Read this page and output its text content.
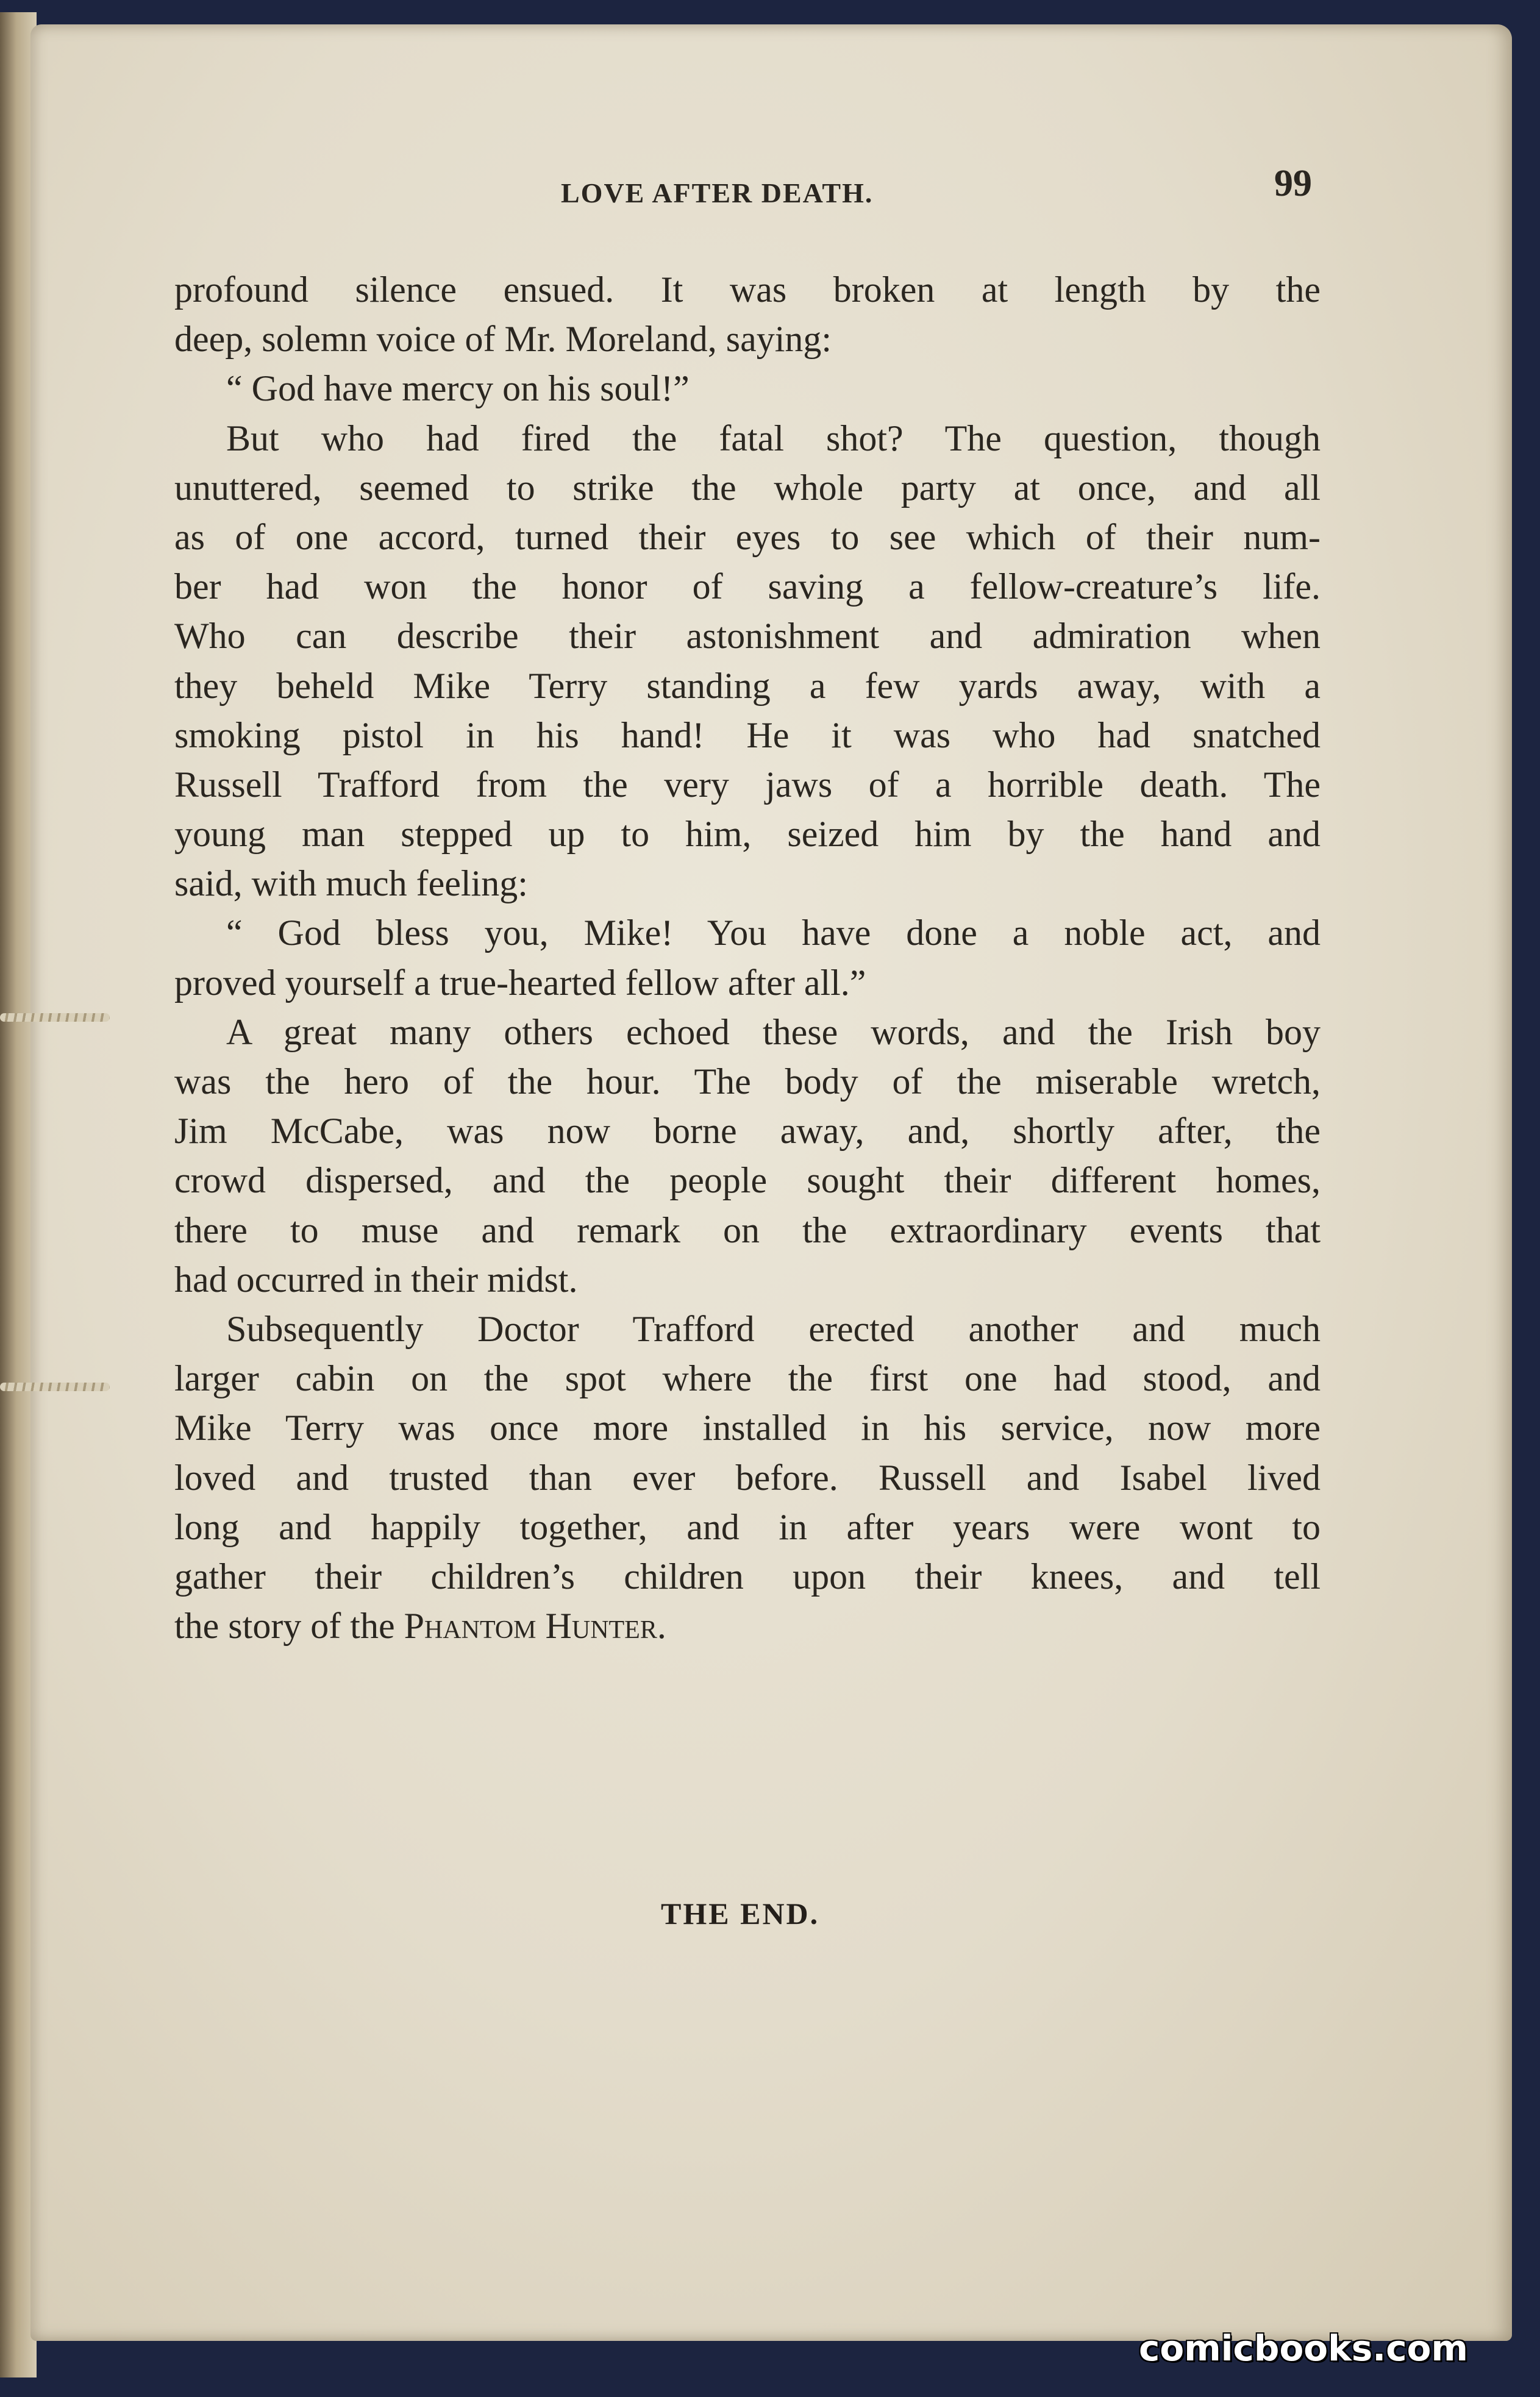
LOVE AFTER DEATH.	99
profound silence ensued. It was broken at length by the
deep, solemn voice of Mr. Moreland, saying:
“ God have mercy on his soul!”
But who had fired the fatal shot? The question, though
unuttered, seemed to strike the whole party at once, and all
as of one accord, turned their eyes to see which of their num-
ber had won the honor of saving a fellow-creature’s life.
Who can describe their astonishment and admiration when
they beheld Mike Terry standing a few yards away, with a
smoking pistol in his hand! He it was who had snatched
Russell Trafford from the very jaws of a horrible death. The
young man stepped up to him, seized him by the hand and
said, with much feeling:
“ God bless you, Mike! You have done a noble act, and
proved yourself a true-hearted fellow after all.”
A great many others echoed these words, and the Irish boy
was the hero of the hour. The body of the miserable wretch,
Jim McCabe, was now borne away, and, shortly after, the
crowd dispersed, and the people sought their different homes,
there to muse and remark on the extraordinary events that
had occurred in their midst.
Subsequently Doctor Trafford erected another and much
larger cabin on the spot where the first one had stood, and
Mike Terry was once more installed in his service, now more
loved and trusted than ever before. Russell and Isabel lived
long and happily together, and in after years were wont to
gather their children’s children upon their knees, and tell
the story of the Phantom Hunter.
THE END.
comicbooks.com
